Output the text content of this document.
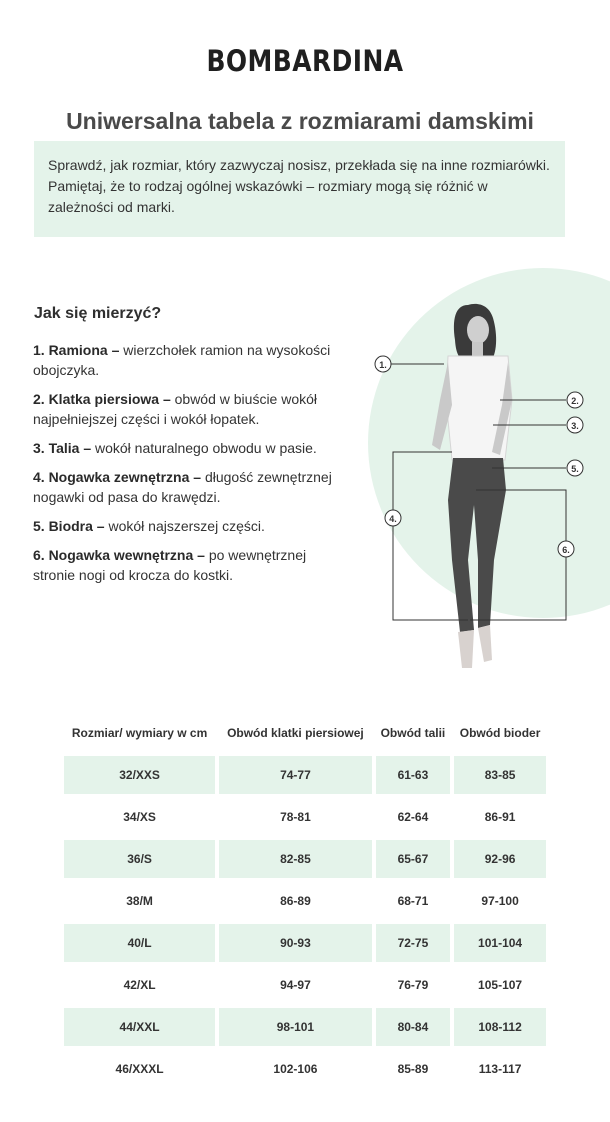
BOMBARDINA
Uniwersalna tabela z rozmiarami damskimi
Sprawdź, jak rozmiar, który zazwyczaj nosisz, przekłada się na inne rozmiarówki. Pamiętaj, że to rodzaj ogólnej wskazówki – rozmiary mogą się różnić w zależności od marki.
Jak się mierzyć?
1. Ramiona – wierzchołek ramion na wysokości obojczyka.
2. Klatka piersiowa – obwód w biuście wokół najpełniejszej części i wokół łopatek.
3. Talia – wokół naturalnego obwodu w pasie.
4. Nogawka zewnętrzna – długość zewnętrznej nogawki od pasa do krawędzi.
5. Biodra – wokół najszerszej części.
6. Nogawka wewnętrzna – po wewnętrznej stronie nogi od krocza do kostki.
1.
2.
3.
4.
5.
6.
Rozmiar/ wymiary w cm	Obwód klatki piersiowej	Obwód talii	Obwód bioder
32/XXS	74-77	61-63	83-85
34/XS	78-81	62-64	86-91
36/S	82-85	65-67	92-96
38/M	86-89	68-71	97-100
40/L	90-93	72-75	101-104
42/XL	94-97	76-79	105-107
44/XXL	98-101	80-84	108-112
46/XXXL	102-106	85-89	113-117
